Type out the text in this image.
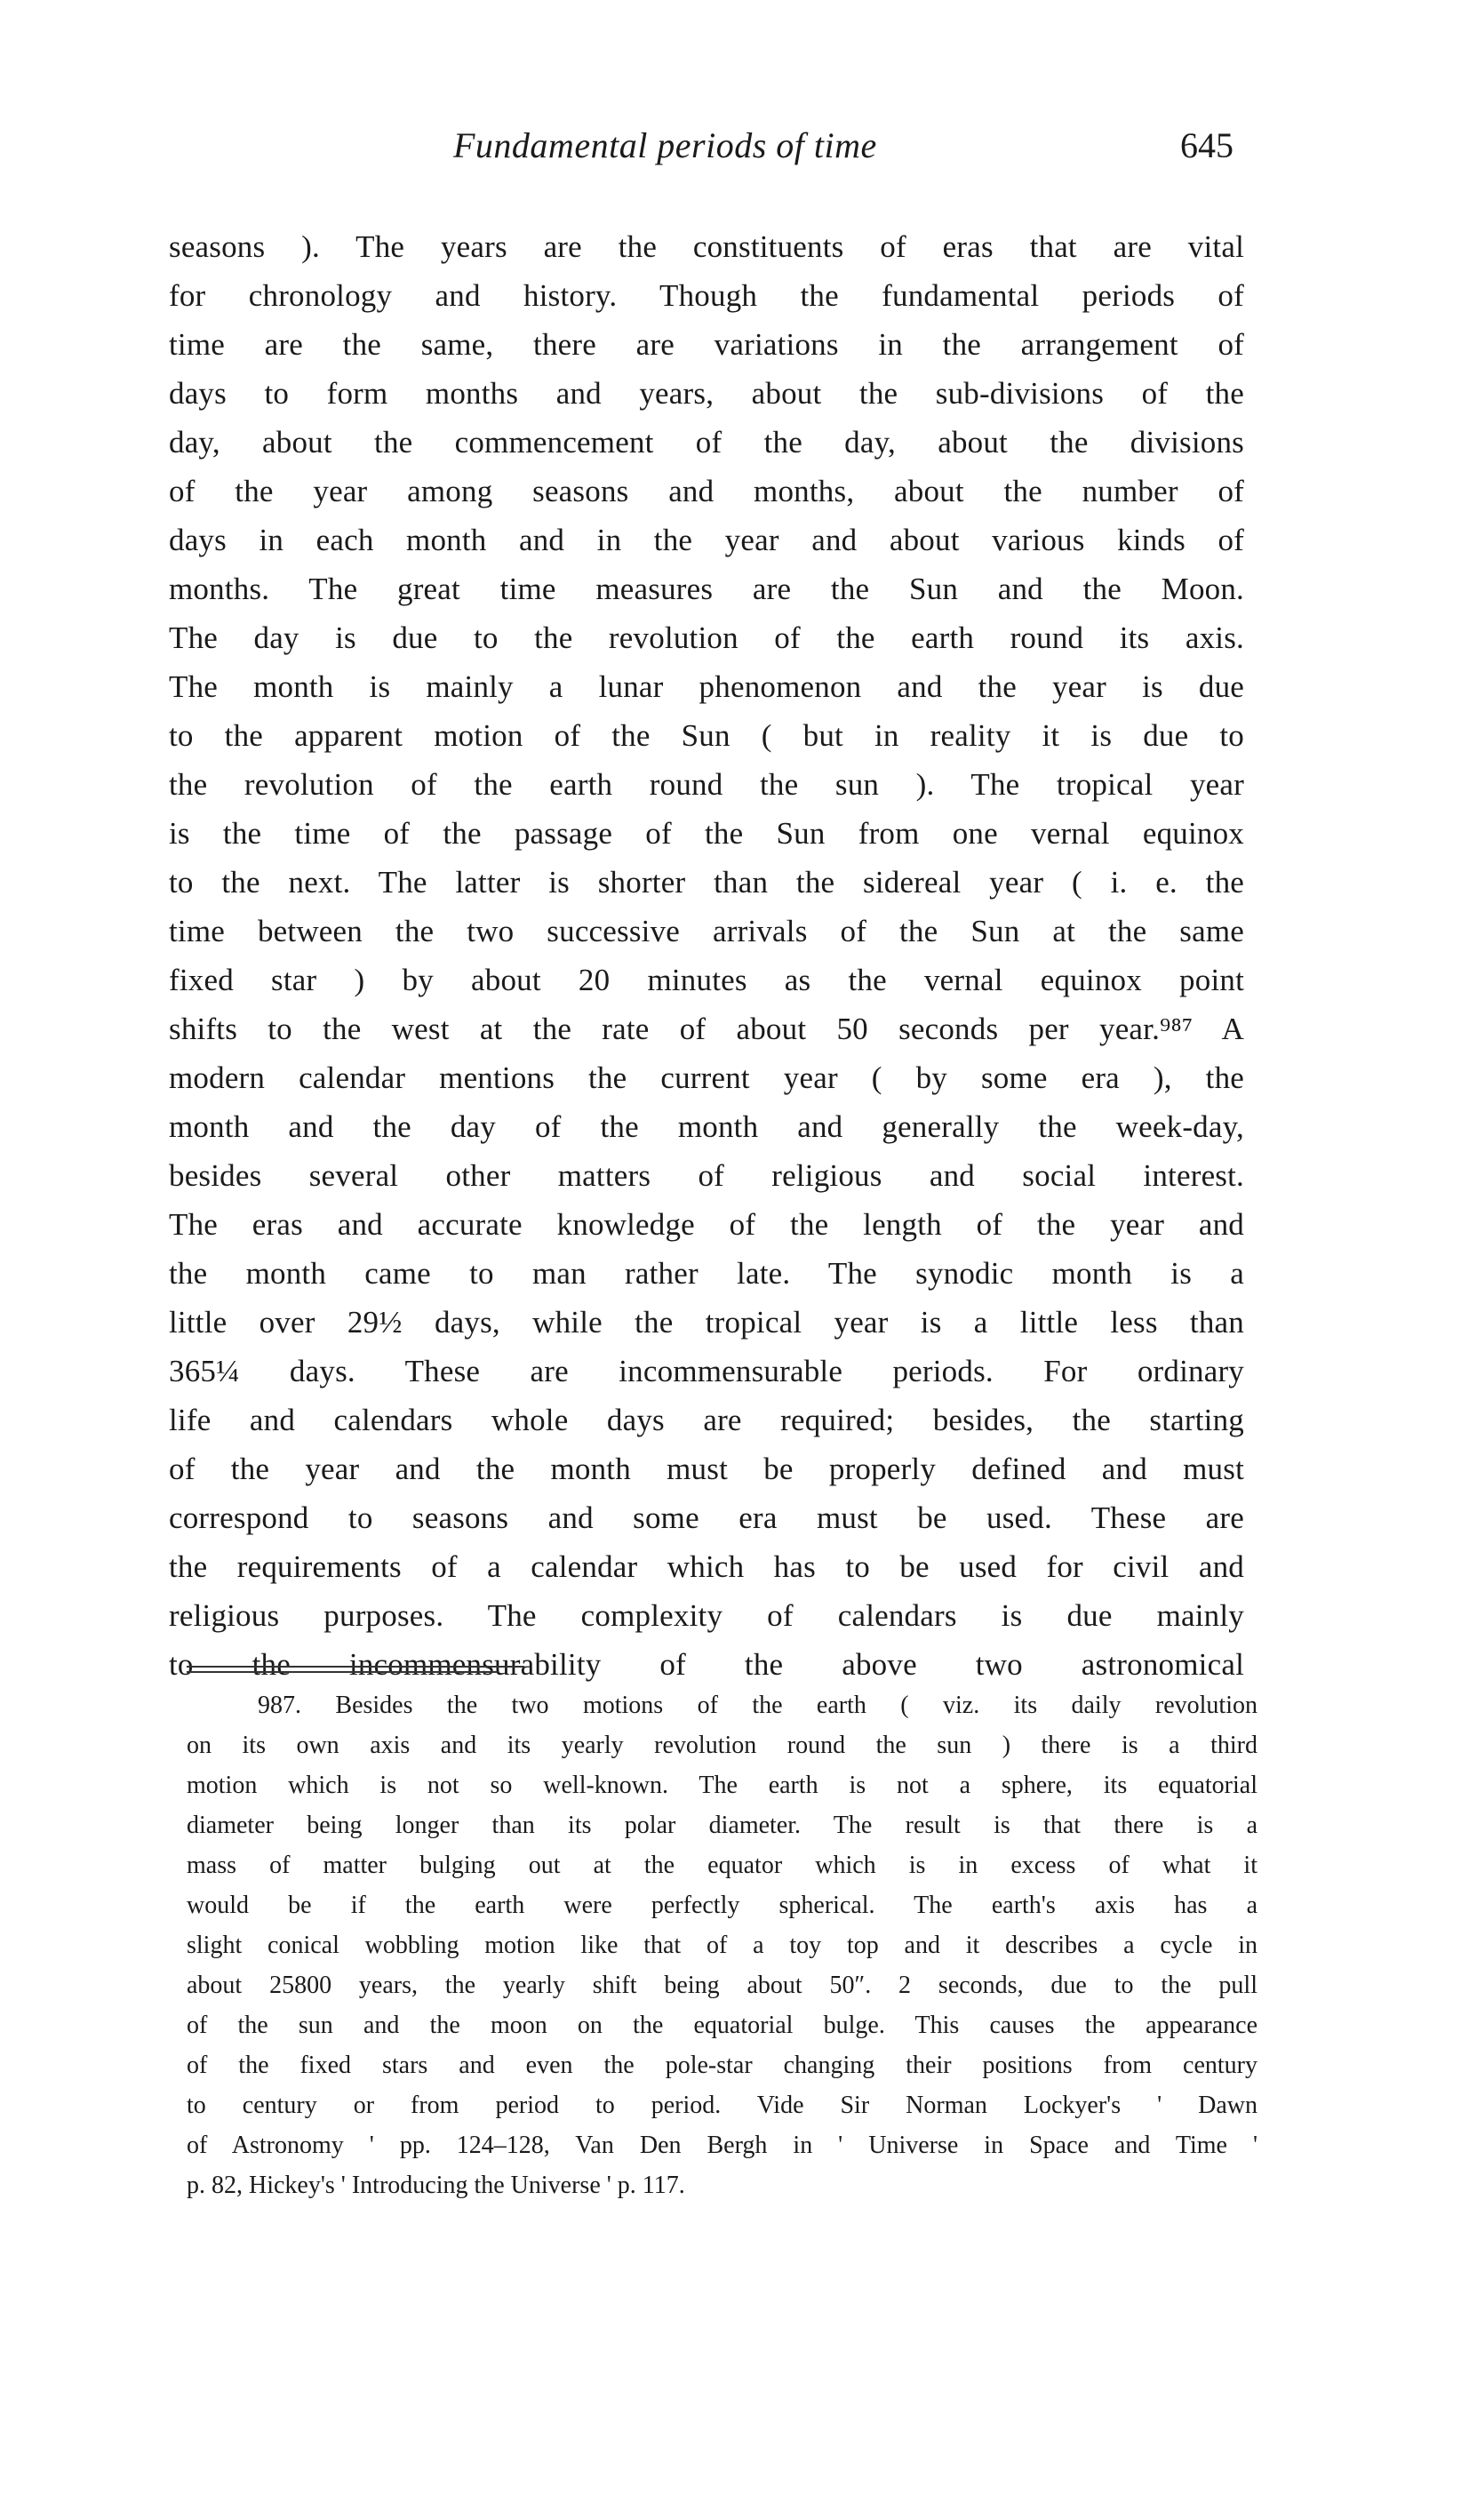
Fundamental periods of time	645
seasons ). The years are the constituents of eras that are vital
for chronology and history. Though the fundamental periods of
time are the same, there are variations in the arrangement of
days to form months and years, about the sub-divisions of the
day, about the commencement of the day, about the divisions
of the year among seasons and months, about the number of
days in each month and in the year and about various kinds of
months. The great time measures are the Sun and the Moon.
The day is due to the revolution of the earth round its axis.
The month is mainly a lunar phenomenon and the year is due
to the apparent motion of the Sun ( but in reality it is due to
the revolution of the earth round the sun ). The tropical year
is the time of the passage of the Sun from one vernal equinox
to the next. The latter is shorter than the sidereal year ( i. e. the
time between the two successive arrivals of the Sun at the same
fixed star ) by about 20 minutes as the vernal equinox point
shifts to the west at the rate of about 50 seconds per year.⁹⁸⁷ A
modern calendar mentions the current year ( by some era ), the
month and the day of the month and generally the week-day,
besides several other matters of religious and social interest.
The eras and accurate knowledge of the length of the year and
the month came to man rather late. The synodic month is a
little over 29½ days, while the tropical year is a little less than
365¼ days. These are incommensurable periods. For ordinary
life and calendars whole days are required; besides, the starting
of the year and the month must be properly defined and must
correspond to seasons and some era must be used. These are
the requirements of a calendar which has to be used for civil and
religious purposes. The complexity of calendars is due mainly
to the incommensurability of the above two astronomical
987. Besides the two motions of the earth ( viz. its daily revolution
on its own axis and its yearly revolution round the sun ) there is a third
motion which is not so well-known. The earth is not a sphere, its equatorial
diameter being longer than its polar diameter. The result is that there is a
mass of matter bulging out at the equator which is in excess of what it
would be if the earth were perfectly spherical. The earth's axis has a
slight conical wobbling motion like that of a toy top and it describes a cycle in
about 25800 years, the yearly shift being about 50″. 2 seconds, due to the pull
of the sun and the moon on the equatorial bulge. This causes the appearance
of the fixed stars and even the pole-star changing their positions from century
to century or from period to period. Vide Sir Norman Lockyer's ' Dawn
of Astronomy ' pp. 124–128, Van Den Bergh in ' Universe in Space and Time '
p. 82, Hickey's ' Introducing the Universe ' p. 117.
